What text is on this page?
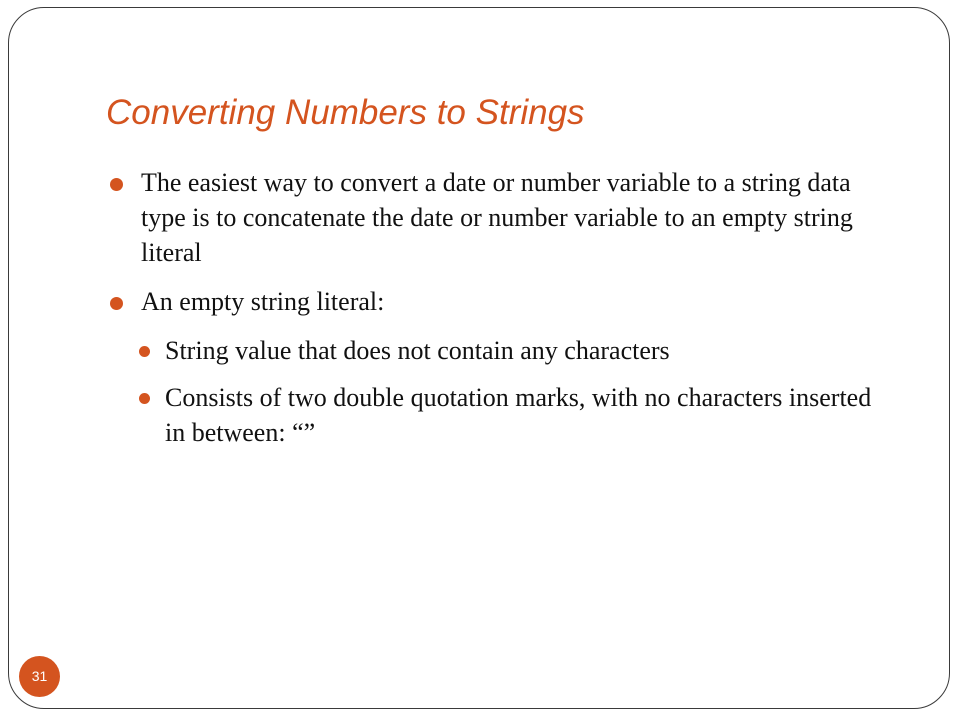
Converting Numbers to Strings
The easiest way to convert a date or number variable to a string data type is to concatenate the date or number variable to an empty string literal
An empty string literal:
String value that does not contain any characters
Consists of two double quotation marks, with no characters inserted in between: “”
31
